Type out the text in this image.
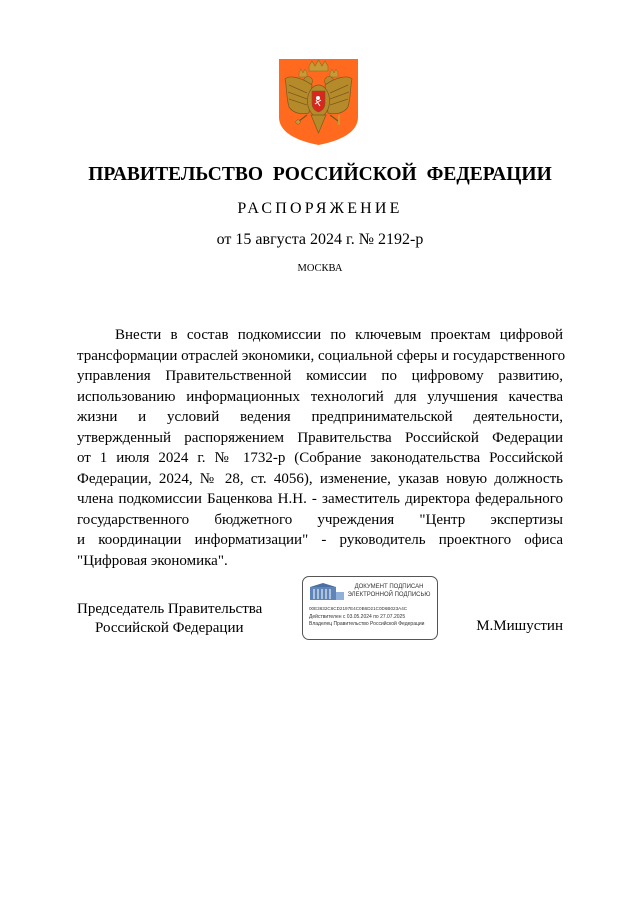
ПРАВИТЕЛЬСТВО РОССИЙСКОЙ ФЕДЕРАЦИИ
РАСПОРЯЖЕНИЕ
от 15 августа 2024 г. № 2192-р
МОСКВА
Внести в состав подкомиссии по ключевым проектам цифровой
трансформации отраслей экономики, социальной сферы и государственного
управления Правительственной комиссии по цифровому развитию,
использованию информационных технологий для улучшения качества
жизни и условий ведения предпринимательской деятельности,
утвержденный распоряжением Правительства Российской Федерации
от 1 июля 2024 г. № 1732-р (Собрание законодательства Российской
Федерации, 2024, № 28, ст. 4056), изменение, указав новую должность
члена подкомиссии Баценкова Н.Н. - заместитель директора федерального
государственного бюджетного учреждения "Центр экспертизы
и координации информатизации" - руководитель проектного офиса
"Цифровая экономика".
Председатель Правительства
Российской Федерации
ДОКУМЕНТ ПОДПИСАН
ЭЛЕКТРОННОЙ ПОДПИСЬЮ
00E3632C6CD2197E4C0B6D21C0D6B023A4C
Действителен с 03.05.2024 по 27.07.2025
Владелец Правительство Российской Федерации	М.Мишустин
